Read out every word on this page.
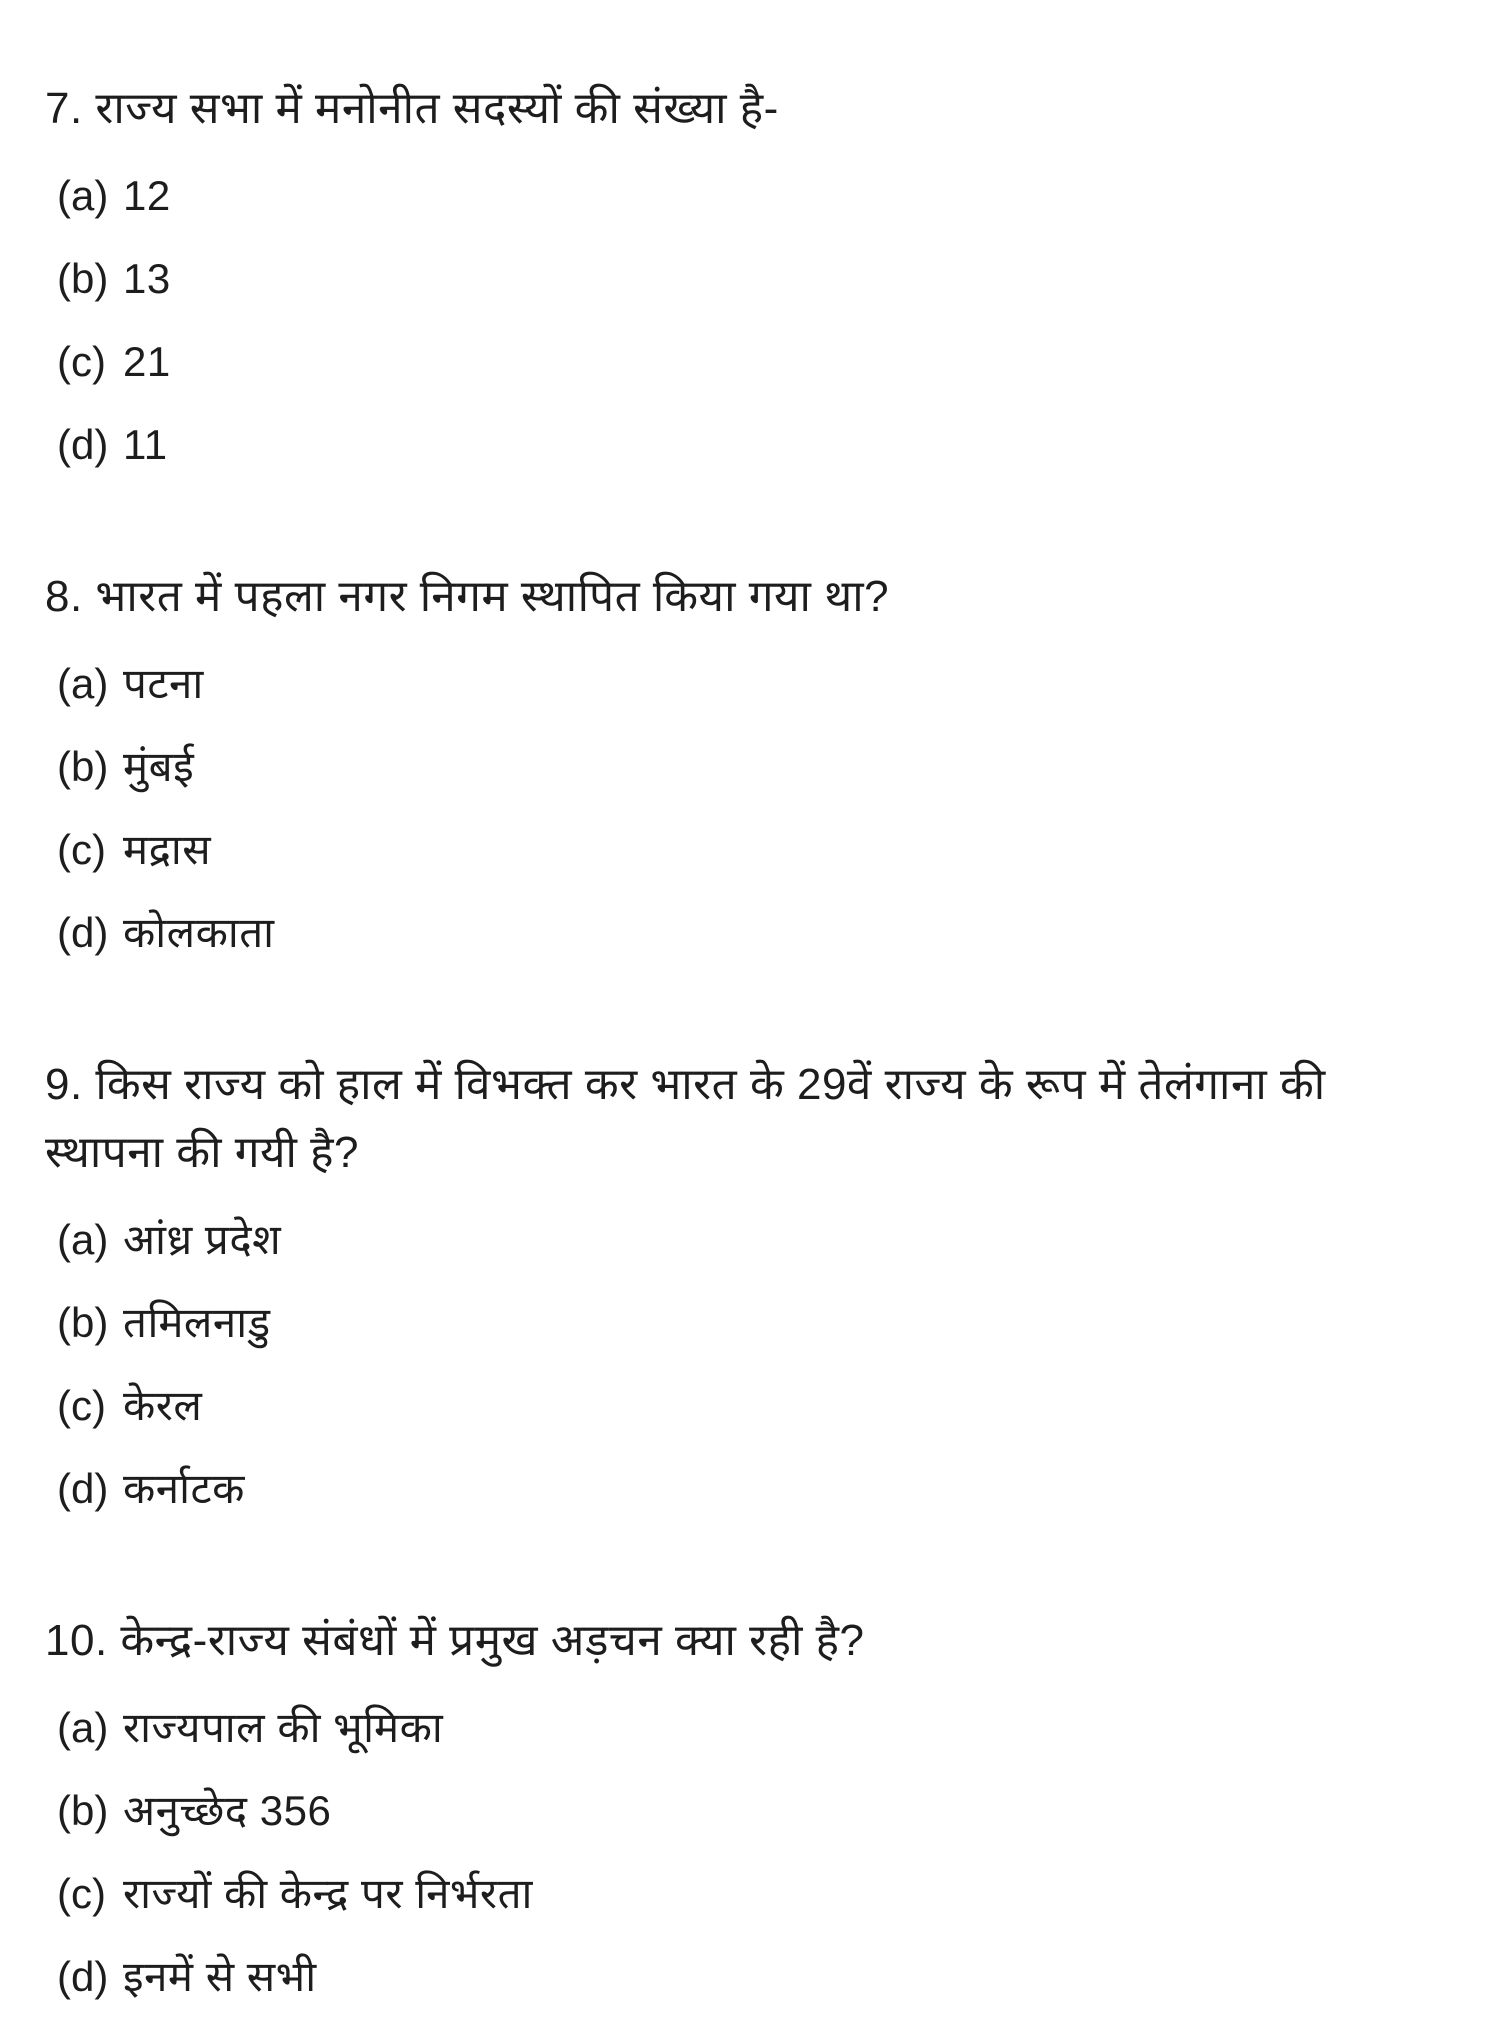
7. राज्य सभा में मनोनीत सदस्यों की संख्या है-
(a) 12
(b) 13
(c) 21
(d) 11
8. भारत में पहला नगर निगम स्थापित किया गया था?
(a) पटना
(b) मुंबई
(c) मद्रास
(d) कोलकाता
9. किस राज्य को हाल में विभक्त कर भारत के 29वें राज्य के रूप में तेलंगाना की
स्थापना की गयी है?
(a) आंध्र प्रदेश
(b) तमिलनाडु
(c) केरल
(d) कर्नाटक
10. केन्द्र-राज्य संबंधों में प्रमुख अड़चन क्या रही है?
(a) राज्यपाल की भूमिका
(b) अनुच्छेद 356
(c) राज्यों की केन्द्र पर निर्भरता
(d) इनमें से सभी
